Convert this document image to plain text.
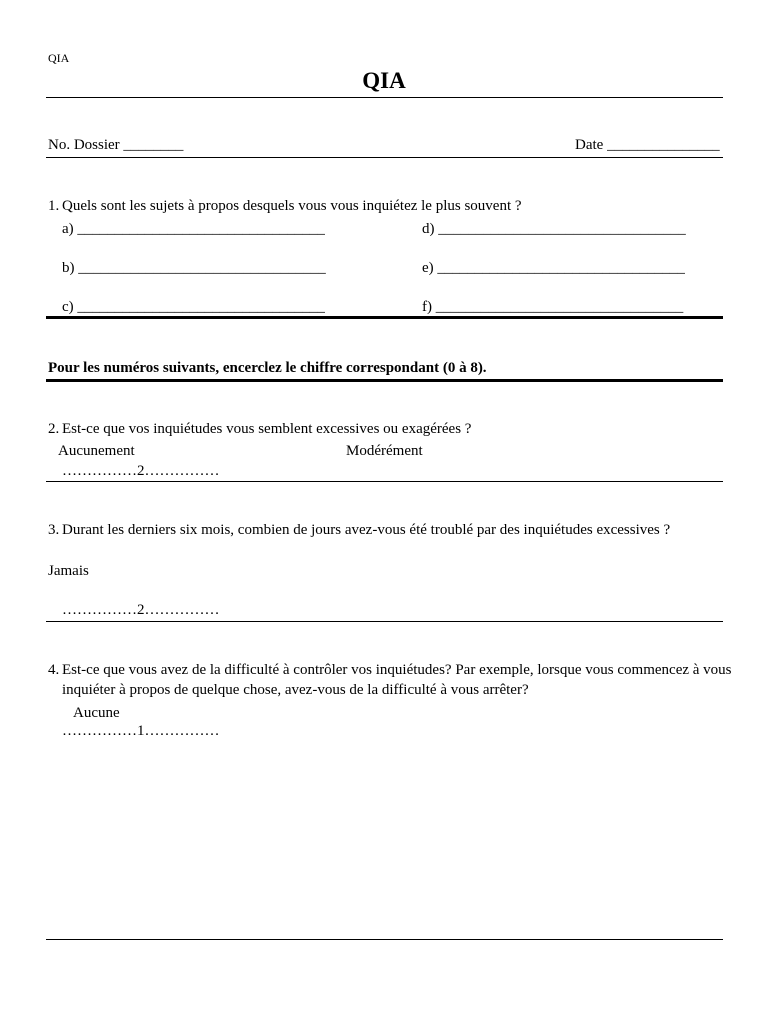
QIA
QIA
No. Dossier ________	Date _______________
1. Quels sont les sujets à propos desquels vous vous inquiétez le plus souvent ?
a) _________________________________	d) _________________________________
b) _________________________________	e) _________________________________
c) _________________________________	f) _________________________________
Pour les numéros suivants, encerclez le chiffre correspondant (0 à 8).
2. Est-ce que vos inquiétudes vous semblent excessives ou exagérées ?
Aucunement	Modérément
……………2……………
3. Durant les derniers six mois, combien de jours avez-vous été troublé par des inquiétudes excessives ?
Jamais
……………2……………
4. Est-ce que vous avez de la difficulté à contrôler vos inquiétudes? Par exemple, lorsque vous commencez à vous
inquiéter à propos de quelque chose, avez-vous de la difficulté à vous arrêter?
Aucune
……………1……………
